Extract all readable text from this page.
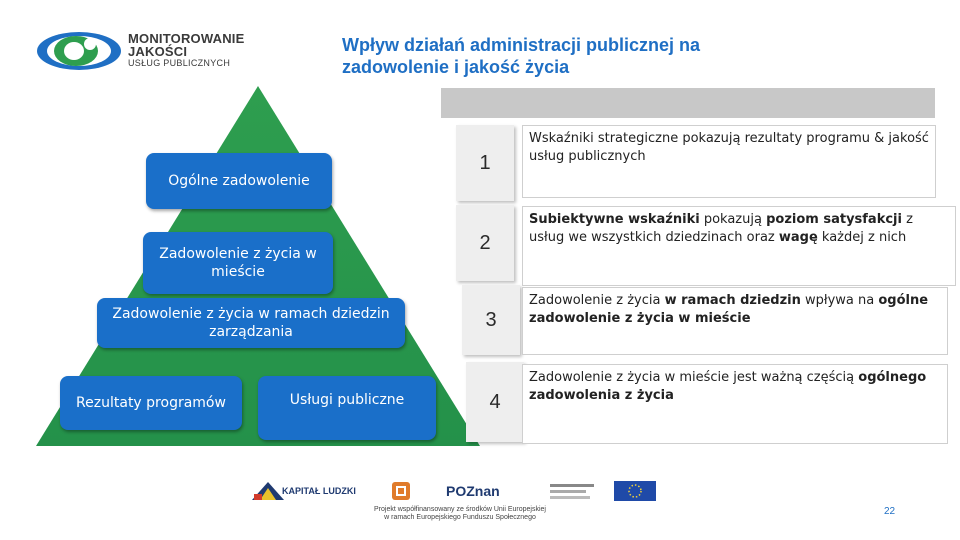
MONITOROWANIE
JAKOŚCI
USŁUG PUBLICZNYCH
Wpływ działań administracji publicznej na zadowolenie i jakość życia
Ogólne zadowolenie
Zadowolenie z życia w mieście
Zadowolenie z życia w ramach dziedzin zarządzania
Rezultaty programów	Usługi publiczne
1
2
3
4

Wskaźniki strategiczne pokazują rezultaty programu & jakość usług publicznych

Subiektywne wskaźniki pokazują poziom satysfakcji z usług we wszystkich dziedzinach oraz wagę każdej z nich

Zadowolenie z życia w ramach dziedzin wpływa na ogólne zadowolenie z życia w mieście

Zadowolenie z życia w mieście jest ważną częścią ogólnego zadowolenia z życia

KAPITAŁ LUDZKI	POZnan
Projekt współfinansowany ze środków Unii Europejskiej
w ramach Europejskiego Funduszu Społecznego
22
